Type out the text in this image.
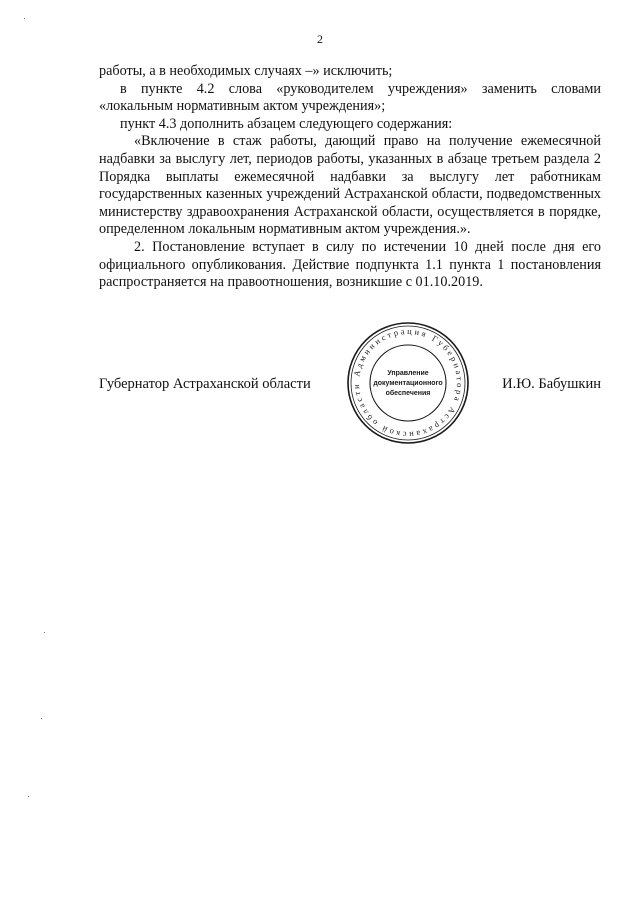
2

работы, а в необходимых случаях –» исключить;

в пункте 4.2 слова «руководителем учреждения» заменить словами «локальным нормативным актом учреждения»;

пункт 4.3 дополнить абзацем следующего содержания:

«Включение в стаж работы, дающий право на получение ежемесячной надбавки за выслугу лет, периодов работы, указанных в абзаце третьем раздела 2 Порядка выплаты ежемесячной надбавки за выслугу лет работникам государственных казенных учреждений Астраханской области, подведомственных министерству здравоохранения Астраханской области, осуществляется в порядке, определенном локальным нормативным актом учреждения.».

2. Постановление вступает в силу по истечении 10 дней после дня его официального опубликования. Действие подпункта 1.1 пункта 1 постановления распространяется на правоотношения, возникшие с 01.10.2019.

Губернатор Астраханской области	И.Ю. Бабушкин
Администрация Губернатора Астраханской области
Управление
документационного
обеспечения
